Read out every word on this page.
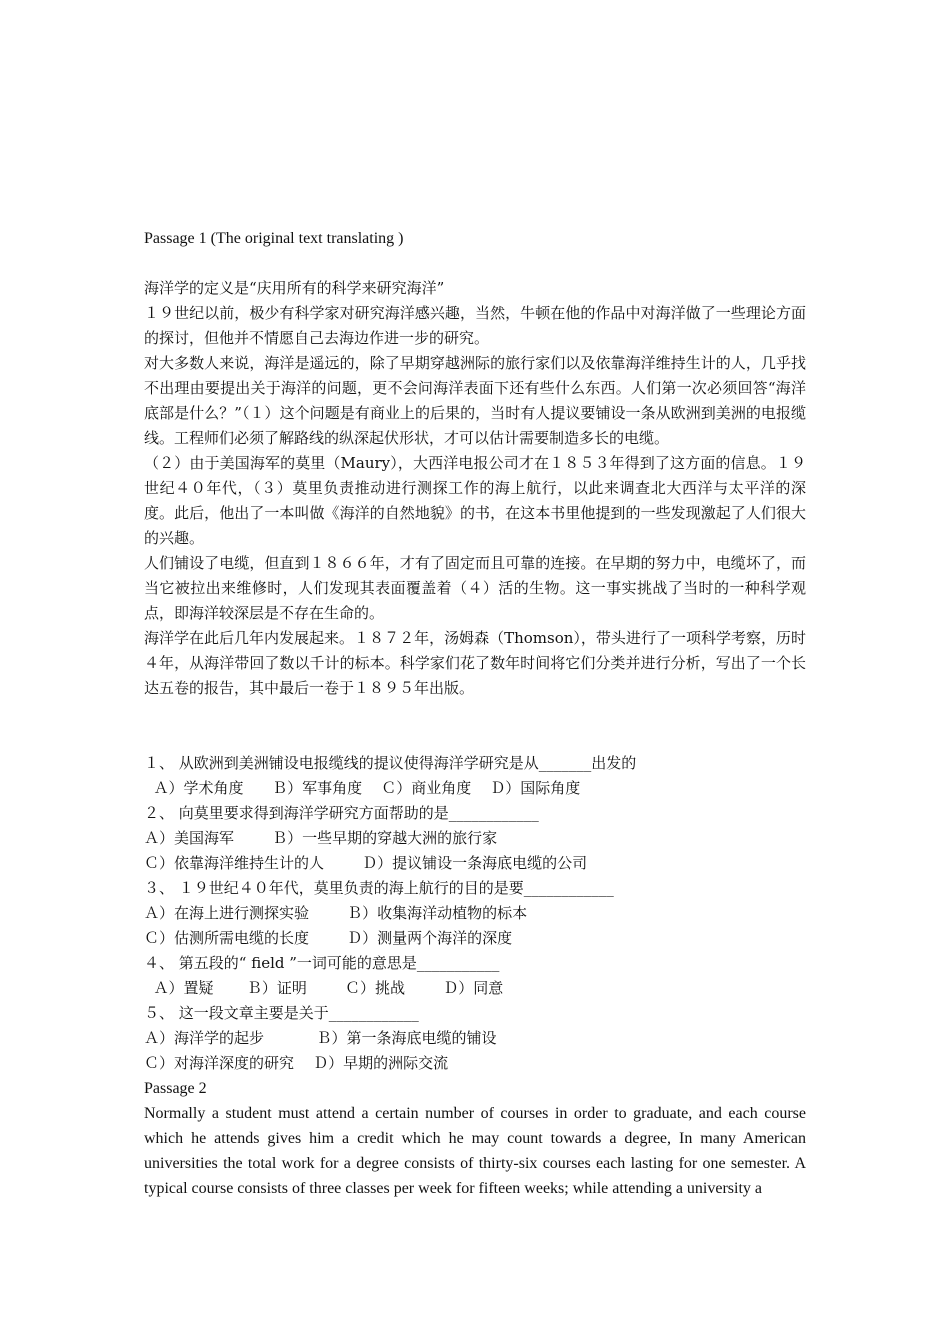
Passage 1 (The original text translating )

海洋学的定义是“庆用所有的科学来研究海洋”

１９世纪以前，极少有科学家对研究海洋感兴趣，当然，牛顿在他的作品中对海洋做了一些理论方面的探讨，但他并不情愿自己去海边作进一步的研究。

对大多数人来说，海洋是遥远的，除了早期穿越洲际的旅行家们以及依靠海洋维持生计的人，几乎找不出理由要提出关于海洋的问题，更不会问海洋表面下还有些什么东西。人们第一次必须回答“海洋底部是什么？”（１）这个问题是有商业上的后果的，当时有人提议要铺设一条从欧洲到美洲的电报缆线。工程师们必须了解路线的纵深起伏形状，才可以估计需要制造多长的电缆。

（２）由于美国海军的莫里（Maury），大西洋电报公司才在１８５３年得到了这方面的信息。１９世纪４０年代，（３）莫里负责推动进行测探工作的海上航行，以此来调查北大西洋与太平洋的深度。此后，他出了一本叫做《海洋的自然地貌》的书，在这本书里他提到的一些发现激起了人们很大的兴趣。

人们铺设了电缆，但直到１８６６年，才有了固定而且可靠的连接。在早期的努力中，电缆坏了，而当它被拉出来维修时，人们发现其表面覆盖着（４）活的生物。这一事实挑战了当时的一种科学观点，即海洋较深层是不存在生命的。

海洋学在此后几年内发展起来。１８７２年，汤姆森（Thomson），带头进行了一项科学考察，历时４年，从海洋带回了数以千计的标本。科学家们花了数年时间将它们分类并进行分析，写出了一个长达五卷的报告，其中最后一卷于１８９５年出版。

１、 从欧洲到美洲铺设电报缆线的提议使得海洋学研究是从_______出发的
Ａ）学术角度      Ｂ）军事角度    Ｃ）商业角度    Ｄ）国际角度
２、 向莫里要求得到海洋学研究方面帮助的是____________
Ａ）美国海军        Ｂ）一些早期的穿越大洲的旅行家
Ｃ）依靠海洋维持生计的人        Ｄ）提议铺设一条海底电缆的公司
３、 １９世纪４０年代，莫里负责的海上航行的目的是要____________
Ａ）在海上进行测探实验        Ｂ）收集海洋动植物的标本
Ｃ）估测所需电缆的长度        Ｄ）测量两个海洋的深度
４、 第五段的“ field ”一词可能的意思是___________
Ａ）置疑       Ｂ）证明        Ｃ）挑战        Ｄ）同意
５、 这一段文章主要是关于____________
Ａ）海洋学的起步           Ｂ）第一条海底电缆的铺设
Ｃ）对海洋深度的研究    Ｄ）早期的洲际交流
Passage 2

Normally a student must attend a certain number of courses in order to graduate, and each course which he attends gives him a credit which he may count towards a degree, In many American universities the total work for a degree consists of thirty-six courses each lasting for one semester. A typical course consists of three classes per week for fifteen weeks; while attending a university a
